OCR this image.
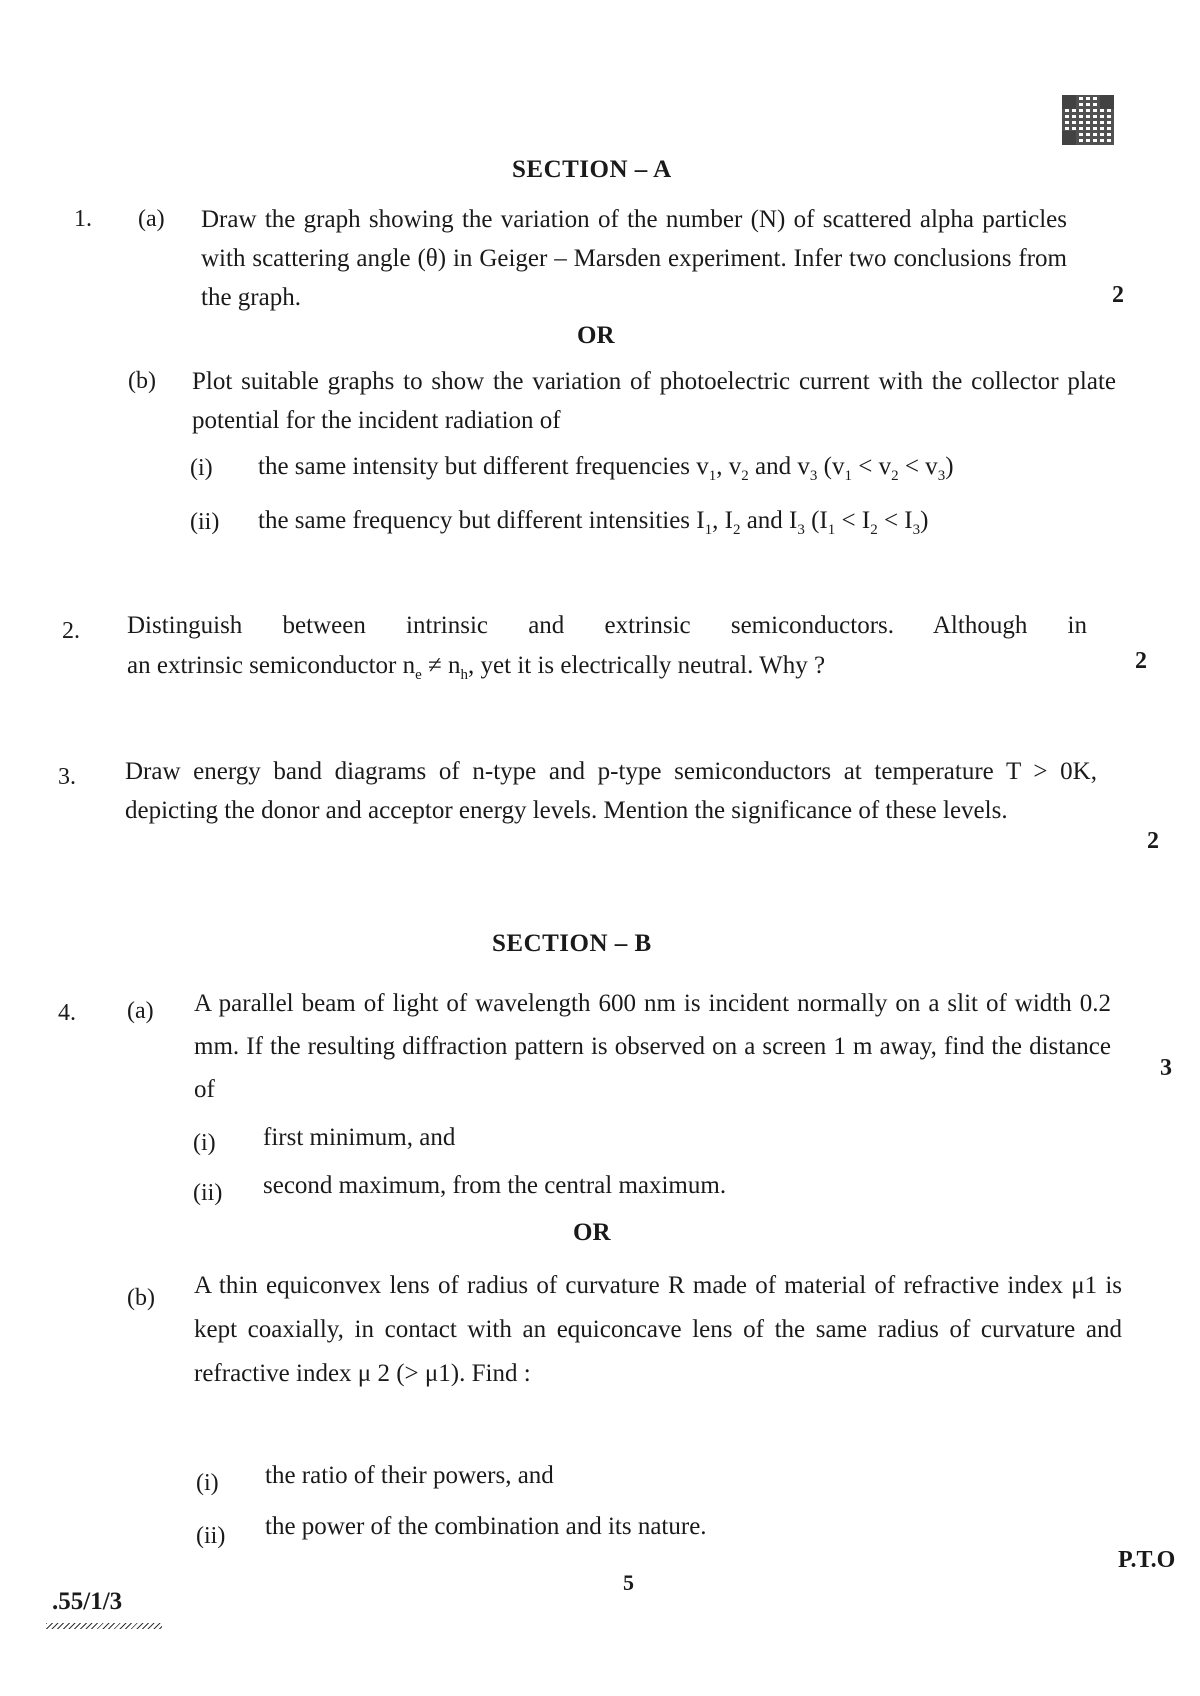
SECTION – A
1. (a) Draw the graph showing the variation of the number (N) of scattered alpha particles with scattering angle (θ) in Geiger – Marsden experiment. Infer two conclusions from the graph.	2
OR
(b) Plot suitable graphs to show the variation of photoelectric current with the collector plate potential for the incident radiation of
(i) the same intensity but different frequencies $v_1$, $v_2$ and $v_3$ $(v_1 < v_2 < v_3)$
(ii) the same frequency but different intensities $I_1$, $I_2$ and $I_3$ $(I_1 < I_2 < I_3)$
2. Distinguish between intrinsic and extrinsic semiconductors. Although in
an extrinsic semiconductor $n_e \ne n_h$, yet it is electrically neutral. Why ?	2
3. Draw energy band diagrams of n-type and p-type semiconductors at temperature T > 0K, depicting the donor and acceptor energy levels. Mention the significance of these levels.
2
SECTION – B
4. (a) A parallel beam of light of wavelength 600 nm is incident normally on a slit of width 0.2 mm. If the resulting diffraction pattern is observed on a screen 1 m away, find the distance of
3
(i) first minimum, and
(ii) second maximum, from the central maximum.
OR
(b) A thin equiconvex lens of radius of curvature R made of material of refractive index μ1 is kept coaxially, in contact with an equiconcave lens of the same radius of curvature and refractive index μ 2 (> μ1). Find :
(i) the ratio of their powers, and
(ii) the power of the combination and its nature.
P.T.O
5
.55/1/3
